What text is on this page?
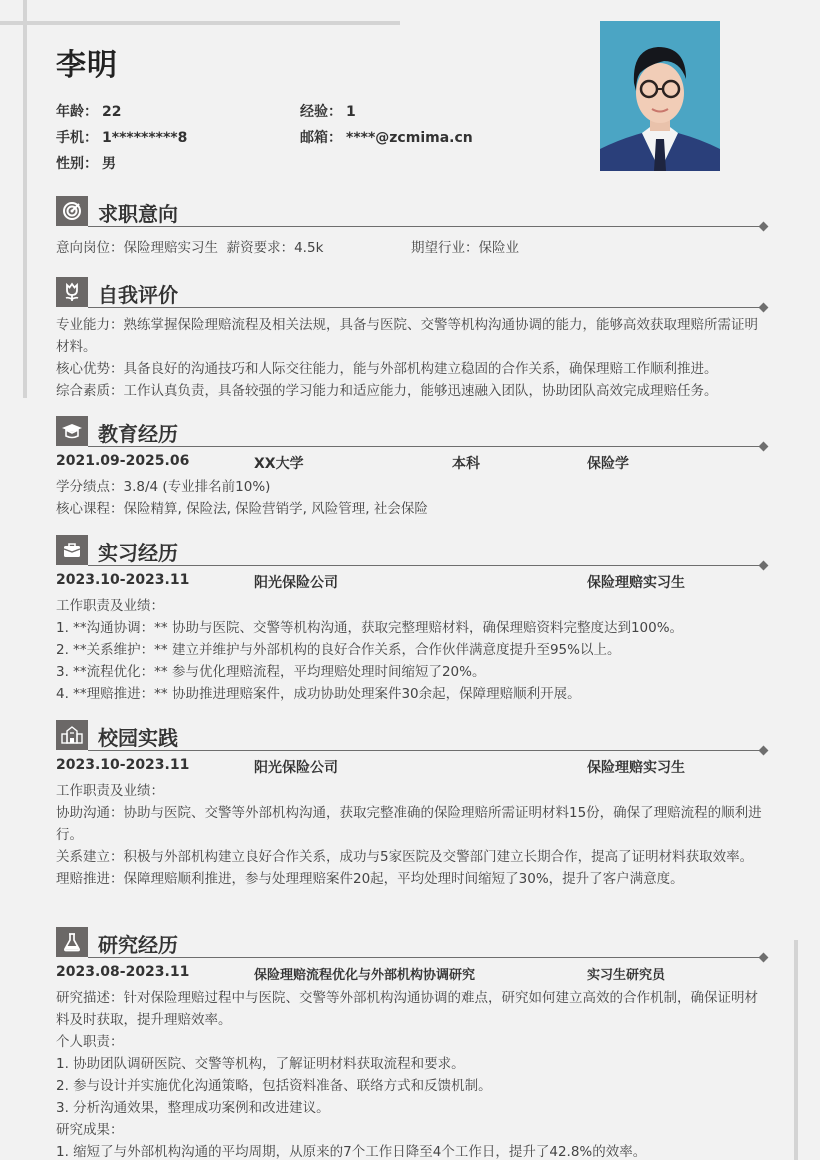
李明
年龄： 22	经验： 1
手机： 1*********8	邮箱： ****@zcmima.cn
性别： 男
求职意向
意向岗位：保险理赔实习生 薪资要求：4.5k	期望行业：保险业
自我评价
专业能力：熟练掌握保险理赔流程及相关法规，具备与医院、交警等机构沟通协调的能力，能够高效获取理赔所需证明材料。
核心优势：具备良好的沟通技巧和人际交往能力，能与外部机构建立稳固的合作关系，确保理赔工作顺利推进。
综合素质：工作认真负责，具备较强的学习能力和适应能力，能够迅速融入团队，协助团队高效完成理赔任务。
教育经历
2021.09-2025.06	XX大学	本科	保险学
学分绩点：3.8/4 (专业排名前10%)
核心课程：保险精算, 保险法, 保险营销学, 风险管理, 社会保险
实习经历
2023.10-2023.11	阳光保险公司	保险理赔实习生
工作职责及业绩：
1. **沟通协调：** 协助与医院、交警等机构沟通，获取完整理赔材料，确保理赔资料完整度达到100%。
2. **关系维护：** 建立并维护与外部机构的良好合作关系，合作伙伴满意度提升至95%以上。
3. **流程优化：** 参与优化理赔流程，平均理赔处理时间缩短了20%。
4. **理赔推进：** 协助推进理赔案件，成功协助处理案件30余起，保障理赔顺利开展。
校园实践
2023.10-2023.11	阳光保险公司	保险理赔实习生
工作职责及业绩：
协助沟通：协助与医院、交警等外部机构沟通，获取完整准确的保险理赔所需证明材料15份，确保了理赔流程的顺利进行。
关系建立：积极与外部机构建立良好合作关系，成功与5家医院及交警部门建立长期合作，提高了证明材料获取效率。
理赔推进：保障理赔顺利推进，参与处理理赔案件20起，平均处理时间缩短了30%，提升了客户满意度。
研究经历
2023.08-2023.11	保险理赔流程优化与外部机构协调研究	实习生研究员
研究描述：针对保险理赔过程中与医院、交警等外部机构沟通协调的难点，研究如何建立高效的合作机制，确保证明材料及时获取，提升理赔效率。
个人职责：
1. 协助团队调研医院、交警等机构，了解证明材料获取流程和要求。
2. 参与设计并实施优化沟通策略，包括资料准备、联络方式和反馈机制。
3. 分析沟通效果，整理成功案例和改进建议。
研究成果：
1. 缩短了与外部机构沟通的平均周期，从原来的7个工作日降至4个工作日，提升了42.8%的效率。
